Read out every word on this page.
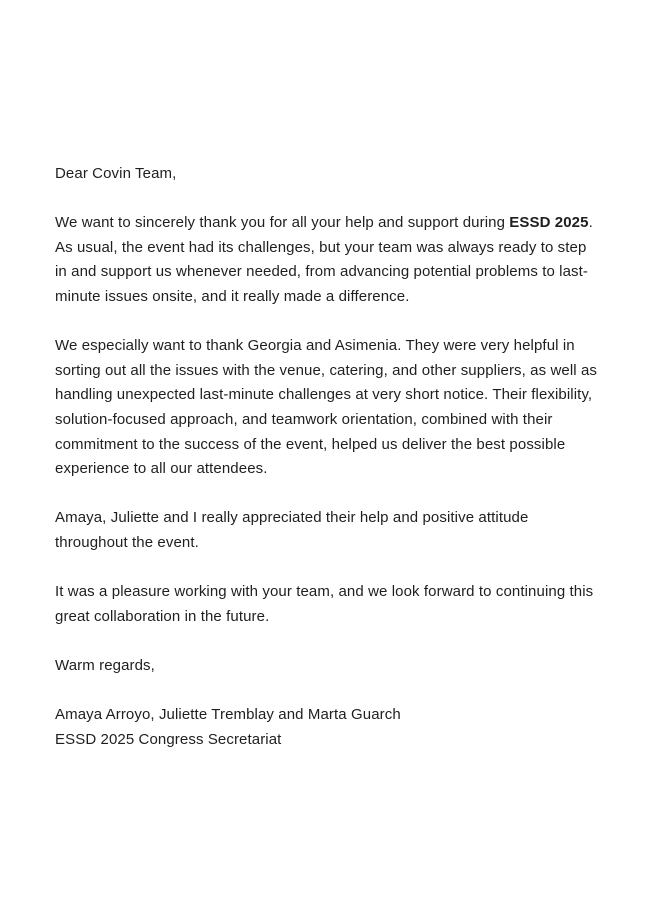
Dear Covin Team,

We want to sincerely thank you for all your help and support during ESSD 2025. As usual, the event had its challenges, but your team was always ready to step in and support us whenever needed, from advancing potential problems to last-minute issues onsite, and it really made a difference.

We especially want to thank Georgia and Asimenia. They were very helpful in sorting out all the issues with the venue, catering, and other suppliers, as well as handling unexpected last-minute challenges at very short notice. Their flexibility, solution-focused approach, and teamwork orientation, combined with their commitment to the success of the event, helped us deliver the best possible experience to all our attendees.

Amaya, Juliette and I really appreciated their help and positive attitude throughout the event.

It was a pleasure working with your team, and we look forward to continuing this great collaboration in the future.

Warm regards,

Amaya Arroyo, Juliette Tremblay and Marta Guarch
ESSD 2025 Congress Secretariat
